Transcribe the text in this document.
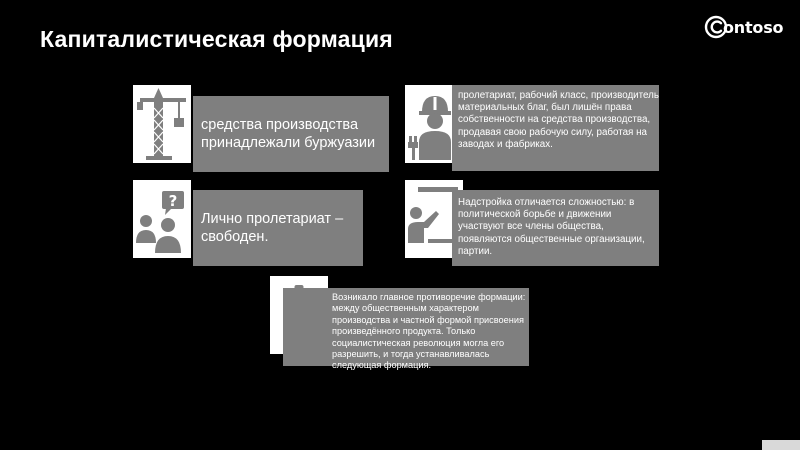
Капиталистическая формация	ontoso
средства производства принадлежали буржуазии
пролетариат, рабочий класс, производитель материальных благ, был лишён права собственности на средства производства, продавая свою рабочую силу, работая на заводах и фабриках.
?
Лично пролетариат – свободен.
Надстройка отличается сложностью: в политической борьбе и движении участвуют все члены общества, появляются общественные организации, партии.
Возникало главное противоречие формации: между общественным характером производства и частной формой присвоения произведённого продукта. Только социалистическая революция могла его разрешить, и тогда устанавливалась следующая формация.
